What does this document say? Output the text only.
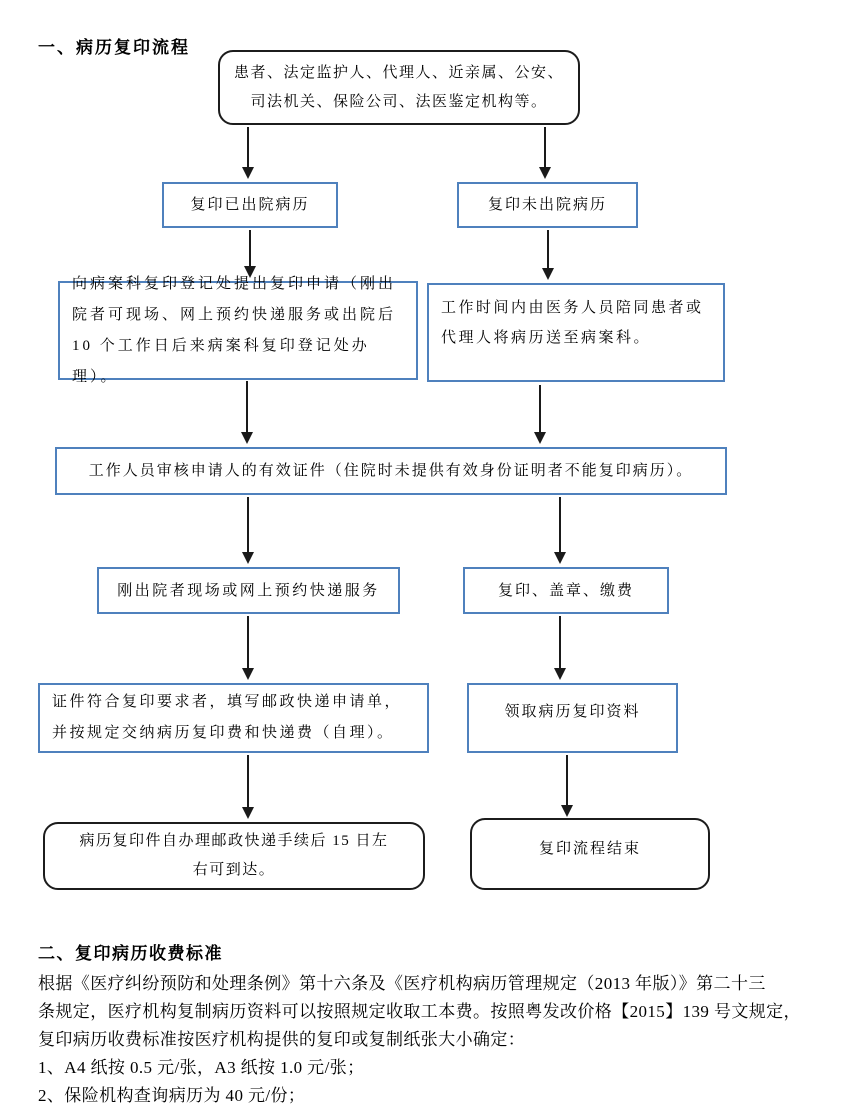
一、病历复印流程
患者、法定监护人、代理人、近亲属、公安、
司法机关、保险公司、法医鉴定机构等。
复印已出院病历	复印未出院病历
向病案科复印登记处提出复印申请（刚出
院者可现场、网上预约快递服务或出院后
10 个工作日后来病案科复印登记处办理）。
工作时间内由医务人员陪同患者或
代理人将病历送至病案科。
工作人员审核申请人的有效证件（住院时未提供有效身份证明者不能复印病历）。
刚出院者现场或网上预约快递服务	复印、盖章、缴费
证件符合复印要求者，填写邮政快递申请单，
并按规定交纳病历复印费和快递费（自理）。
领取病历复印资料
病历复印件自办理邮政快递手续后 15 日左
右可到达。
复印流程结束
二、复印病历收费标准
根据《医疗纠纷预防和处理条例》第十六条及《医疗机构病历管理规定（2013 年版）》第二十三
条规定，医疗机构复制病历资料可以按照规定收取工本费。按照粤发改价格【2015】139 号文规定，
复印病历收费标准按医疗机构提供的复印或复制纸张大小确定：
1、A4 纸按 0.5 元/张，A3 纸按 1.0 元/张；
2、保险机构查询病历为 40 元/份；
